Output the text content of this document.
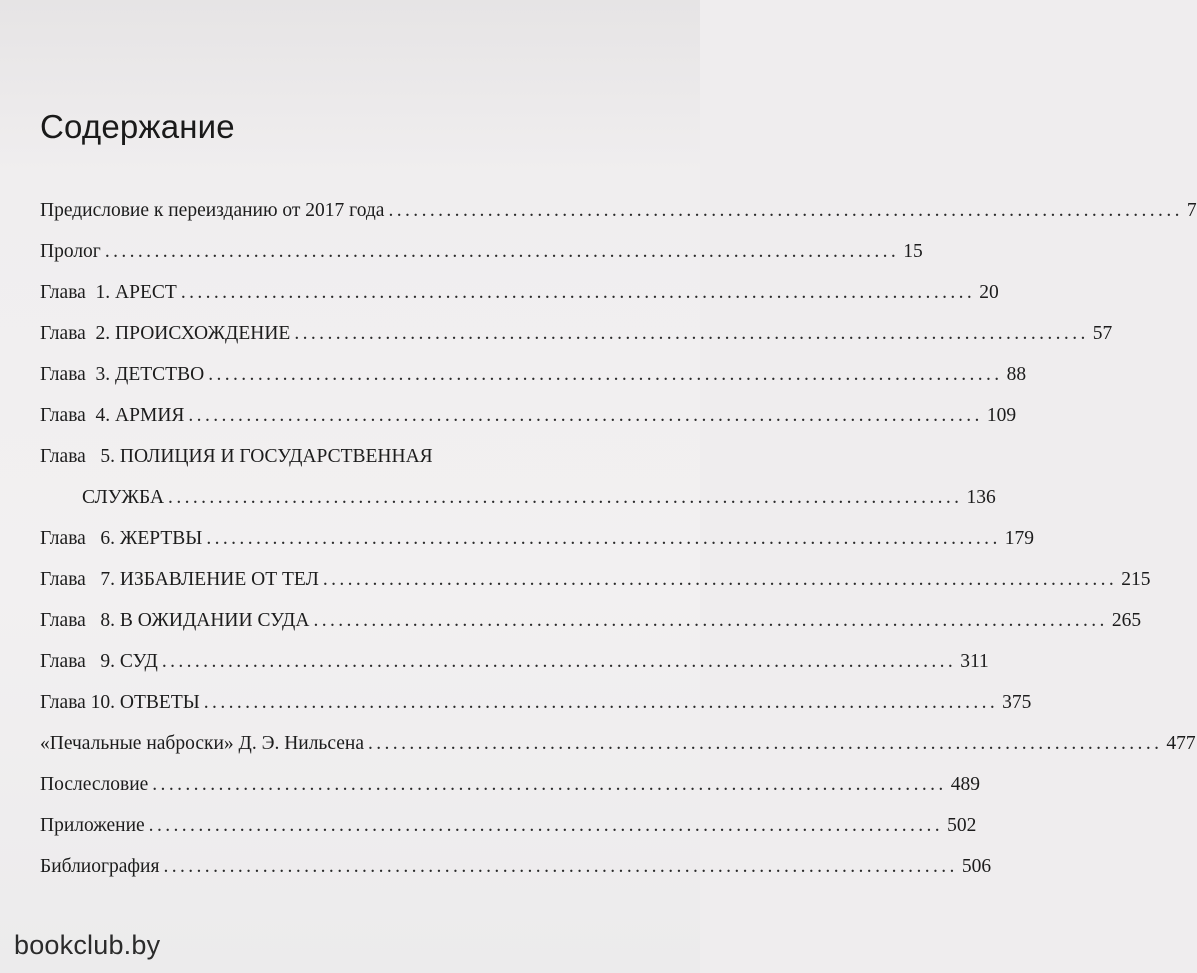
Содержание
Предисловие к переизданию от 2017 года ................................................................................................ 7
Пролог ................................................................................................ 15
Глава  1. АРЕСТ ................................................................................................ 20
Глава  2. ПРОИСХОЖДЕНИЕ ................................................................................................ 57
Глава  3. ДЕТСТВО ................................................................................................ 88
Глава  4. АРМИЯ ................................................................................................ 109
Глава   5. ПОЛИЦИЯ И ГОСУДАРСТВЕННАЯ
СЛУЖБА ................................................................................................ 136
Глава   6. ЖЕРТВЫ ................................................................................................ 179
Глава   7. ИЗБАВЛЕНИЕ ОТ ТЕЛ ................................................................................................ 215
Глава   8. В ОЖИДАНИИ СУДА ................................................................................................ 265
Глава   9. СУД ................................................................................................ 311
Глава 10. ОТВЕТЫ ................................................................................................ 375
«Печальные наброски» Д. Э. Нильсена ................................................................................................ 477
Послесловие ................................................................................................ 489
Приложение ................................................................................................ 502
Библиография ................................................................................................ 506
bookclub.by
